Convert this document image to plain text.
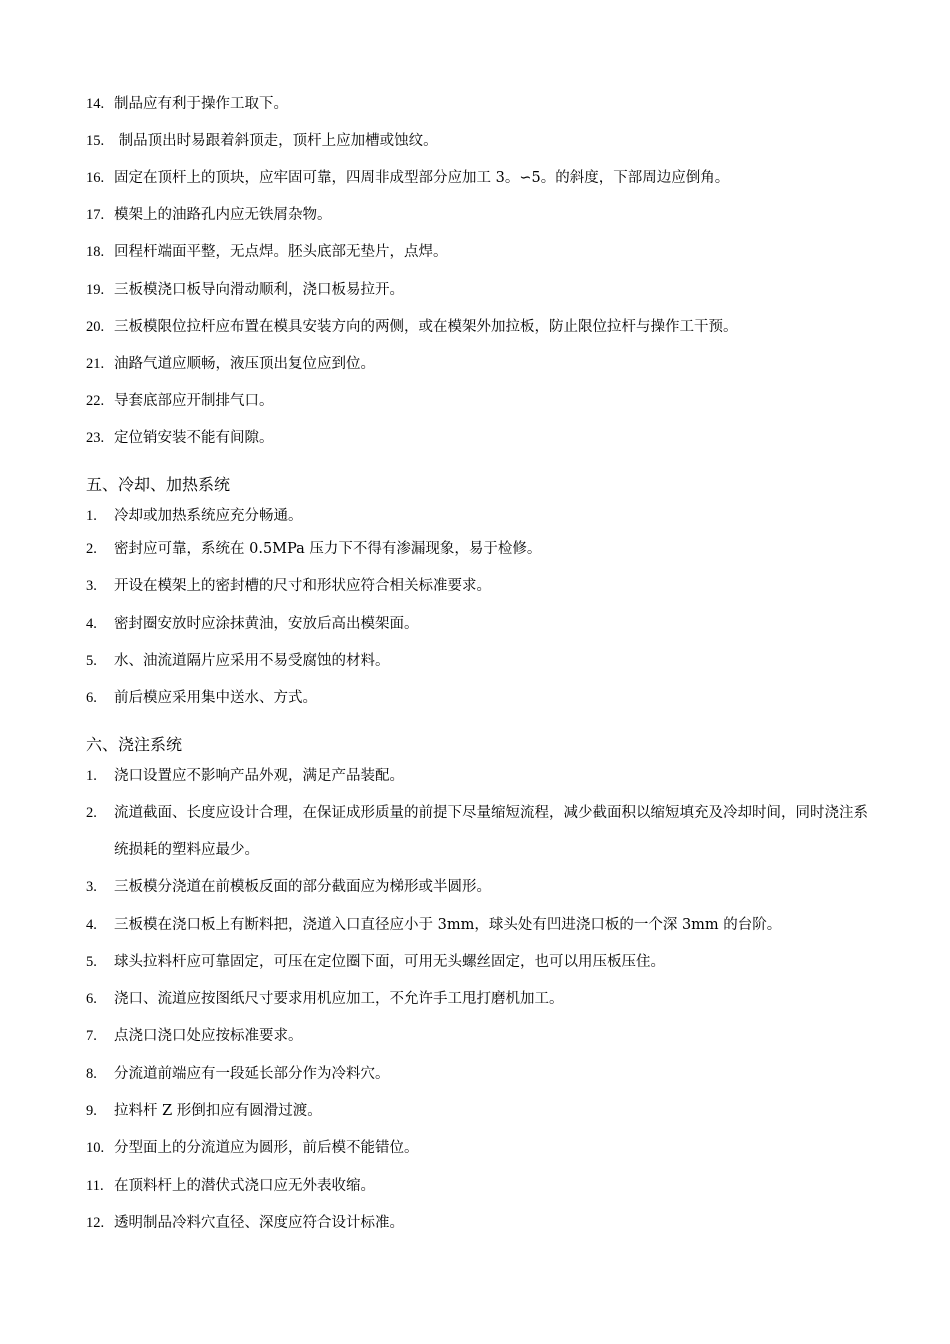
14. 制品应有利于操作工取下。
15. 制品顶出时易跟着斜顶走，顶杆上应加槽或蚀纹。
16. 固定在顶杆上的顶块，应牢固可靠，四周非成型部分应加工 3。∽5。的斜度，下部周边应倒角。
17. 模架上的油路孔内应无铁屑杂物。
18. 回程杆端面平整，无点焊。胚头底部无垫片，点焊。
19. 三板模浇口板导向滑动顺利，浇口板易拉开。
20. 三板模限位拉杆应布置在模具安装方向的两侧，或在模架外加拉板，防止限位拉杆与操作工干预。
21. 油路气道应顺畅，液压顶出复位应到位。
22. 导套底部应开制排气口。
23. 定位销安装不能有间隙。
五、冷却、加热系统
1. 冷却或加热系统应充分畅通。
2. 密封应可靠，系统在 0.5MPa 压力下不得有渗漏现象，易于检修。
3. 开设在模架上的密封槽的尺寸和形状应符合相关标准要求。
4. 密封圈安放时应涂抹黄油，安放后高出模架面。
5. 水、油流道隔片应采用不易受腐蚀的材料。
6. 前后模应采用集中送水、方式。
六、浇注系统
1. 浇口设置应不影响产品外观，满足产品装配。
2. 流道截面、长度应设计合理，在保证成形质量的前提下尽量缩短流程，减少截面积以缩短填充及冷却时间，同时浇注系统损耗的塑料应最少。
3. 三板模分浇道在前模板反面的部分截面应为梯形或半圆形。
4. 三板模在浇口板上有断料把，浇道入口直径应小于 3mm，球头处有凹进浇口板的一个深 3mm 的台阶。
5. 球头拉料杆应可靠固定，可压在定位圈下面，可用无头螺丝固定，也可以用压板压住。
6. 浇口、流道应按图纸尺寸要求用机应加工，不允许手工甩打磨机加工。
7. 点浇口浇口处应按标准要求。
8. 分流道前端应有一段延长部分作为冷料穴。
9. 拉料杆 Z 形倒扣应有圆滑过渡。
10. 分型面上的分流道应为圆形，前后模不能错位。
11. 在顶料杆上的潜伏式浇口应无外表收缩。
12. 透明制品冷料穴直径、深度应符合设计标准。
